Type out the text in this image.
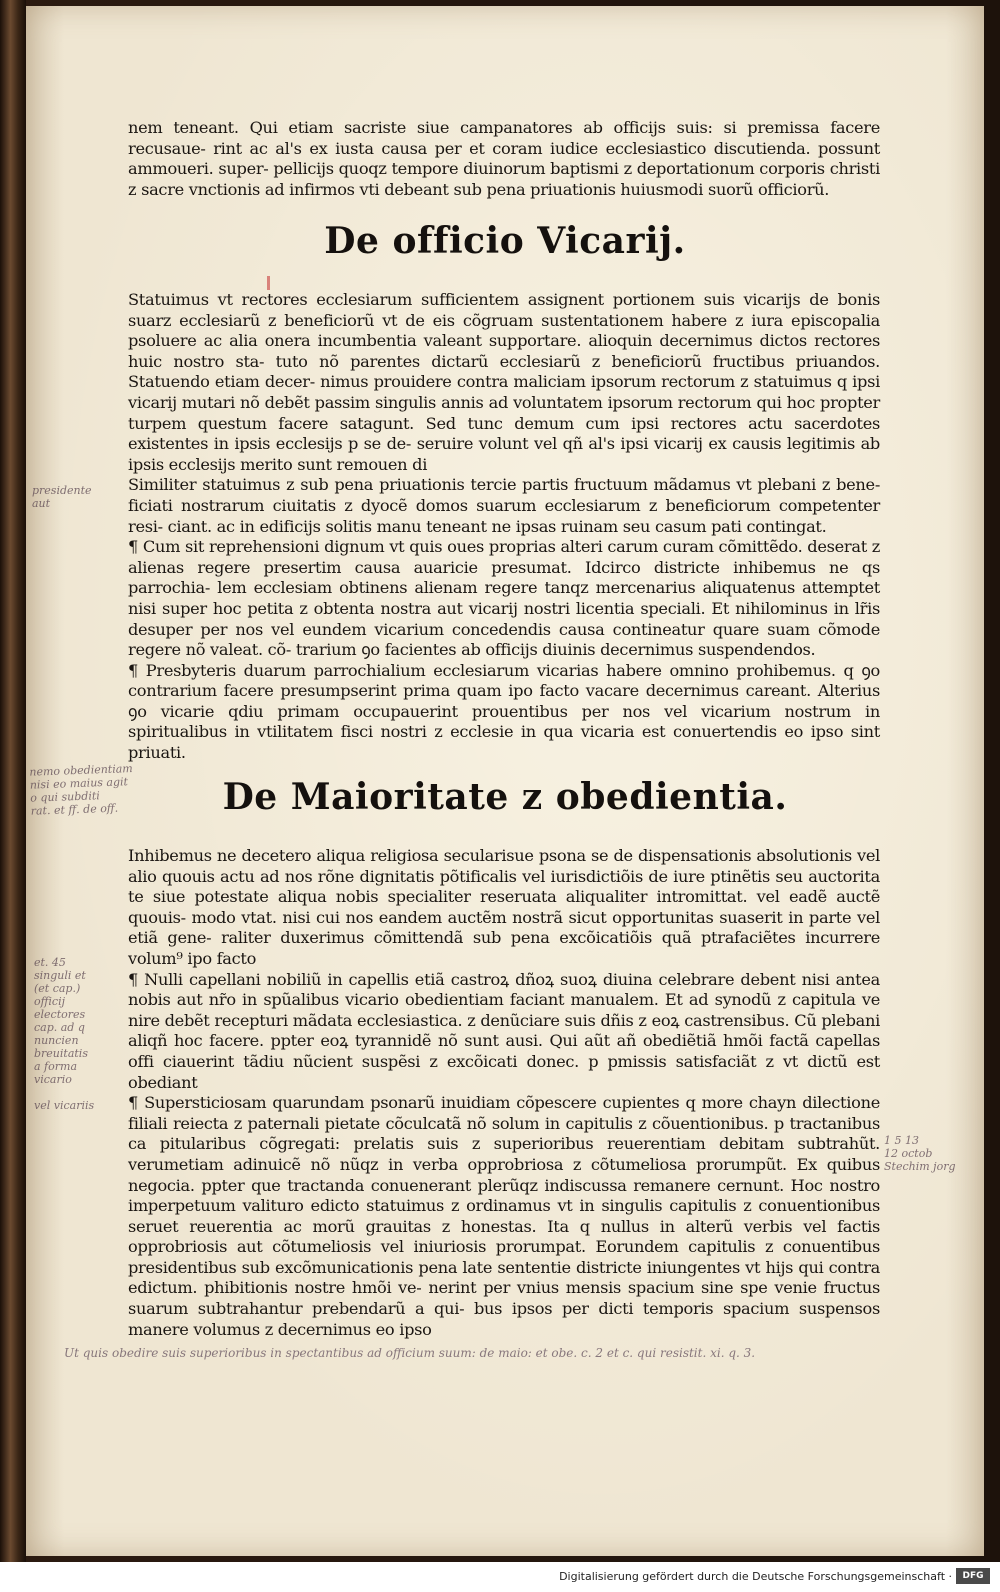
nem teneant. Qui etiam sacriste siue campanatores ab officijs suis: si premissa facere recusaue- rint ac al's ex iusta causa per et coram iudice ecclesiastico discutienda. possunt ammoueri. super- pellicijs quoqz tempore diuinorum baptismi z deportationum corporis christi z sacre vnctionis ad infirmos vti debeant sub pena priuationis huiusmodi suorũ officiorũ.

De officio Vicarij.

Statuimus vt rectores ecclesiarum sufficientem assignent portionem suis vicarijs de bonis suarz ecclesiarũ z beneficiorũ vt de eis cõgruam sustentationem habere z iura episcopalia psoluere ac alia onera incumbentia valeant supportare. alioquin decernimus dictos rectores huic nostro sta- tuto nõ parentes dictarũ ecclesiarũ z beneficiorũ fructibus priuandos. Statuendo etiam decer- nimus prouidere contra maliciam ipsorum rectorum z statuimus q ipsi vicarij mutari nõ debẽt passim singulis annis ad voluntatem ipsorum rectorum qui hoc propter turpem questum facere satagunt. Sed tunc demum cum ipsi rectores actu sacerdotes existentes in ipsis ecclesijs p se de- seruire volunt vel qñ al's ipsi vicarij ex causis legitimis ab ipsis ecclesijs merito sunt remouen di

Similiter statuimus z sub pena priuationis tercie partis fructuum mãdamus vt plebani z bene- ficiati nostrarum ciuitatis z dyocẽ domos suarum ecclesiarum z beneficiorum competenter resi- ciant. ac in edificijs solitis manu teneant ne ipsas ruinam seu casum pati contingat.

¶ Cum sit reprehensioni dignum vt quis oues proprias alteri carum curam cõmittẽdo. deserat z alienas regere presertim causa auaricie presumat. Idcirco districte inhibemus ne qs parrochia- lem ecclesiam obtinens alienam regere tanqz mercenarius aliquatenus attemptet nisi super hoc petita z obtenta nostra aut vicarij nostri licentia speciali. Et nihilominus in lr̃is desuper per nos vel eundem vicarium concedendis causa contineatur quare suam cõmode regere nõ valeat. cõ- trarium ꝯo facientes ab officijs diuinis decernimus suspendendos.

¶ Presbyteris duarum parrochialium ecclesiarum vicarias habere omnino prohibemus. q ꝯo contrarium facere presumpserint prima quam ipo facto vacare decernimus careant. Alterius ꝯo vicarie qdiu primam occupauerint prouentibus per nos vel vicarium nostrum in spiritualibus in vtilitatem fisci nostri z ecclesie in qua vicaria est conuertendis eo ipso sint priuati.

De Maioritate z obedientia.

Inhibemus ne decetero aliqua religiosa secularisue psona se de dispensationis absolutionis vel alio quouis actu ad nos rõne dignitatis põtificalis vel iurisdictiõis de iure ptinẽtis seu auctorita te siue potestate aliqua nobis specialiter reseruata aliqualiter intromittat. vel eadẽ auctẽ quouis- modo vtat. nisi cui nos eandem auctẽm nostrã sicut opportunitas suaserit in parte vel etiã gene- raliter duxerimus cõmittendã sub pena excõicatiõis quã ptrafaciẽtes incurrere volum⁹ ipo facto

¶ Nulli capellani nobiliũ in capellis etiã castroꝝ dñoꝝ suoꝝ diuina celebrare debent nisi antea nobis aut nr̃o in spũalibus vicario obedientiam faciant manualem. Et ad synodũ z capitula ve nire debẽt recepturi mãdata ecclesiastica. z denũciare suis dñis z eoꝝ castrensibus. Cũ plebani aliqñ hoc facere. ppter eoꝝ tyrannidẽ nõ sunt ausi. Qui aũt añ obediẽtiã hmõi factã capellas offi ciauerint tãdiu nũcient suspẽsi z excõicati donec. p pmissis satisfaciãt z vt dictũ est obediant

¶ Supersticiosam quarundam psonarũ inuidiam cõpescere cupientes q more chayn dilectione filiali reiecta z paternali pietate cõculcatã nõ solum in capitulis z cõuentionibus. p tractanibus ca pitularibus cõgregati: prelatis suis z superioribus reuerentiam debitam subtrahũt. verumetiam adinuicẽ nõ nũqz in verba opprobriosa z cõtumeliosa prorumpũt. Ex quibus negocia. ppter que tractanda conuenerant plerũqz indiscussa remanere cernunt. Hoc nostro imperpetuum valituro edicto statuimus z ordinamus vt in singulis capitulis z conuentionibus seruet reuerentia ac morũ grauitas z honestas. Ita q nullus in alterũ verbis vel factis opprobriosis aut cõtumeliosis vel iniuriosis prorumpat. Eorundem capitulis z conuentibus presidentibus sub excõmunicationis pena late sententie districte iniungentes vt hijs qui contra edictum. phibitionis nostre hmõi ve- nerint per vnius mensis spacium sine spe venie fructus suarum subtrahantur prebendarũ a qui- bus ipsos per dicti temporis spacium suspensos manere volumus z decernimus eo ipso

presidente aut
nemo obedientiam
nisi eo maius agit
o qui subditi
rat. et ff. de off.
et. 45
singuli et
(et cap.)
officij
electores
cap. ad q
nuncien
breuitatis
a forma
vicario

vel vicariis
1 5 13
12 octob
Stechim jorg
Ut quis obedire suis superioribus in spectantibus ad officium suum: de maio: et obe. c. 2 et c. qui resistit. xi. q. 3.
Digitalisierung gefördert durch die Deutsche Forschungsgemeinschaft ·	DFG
